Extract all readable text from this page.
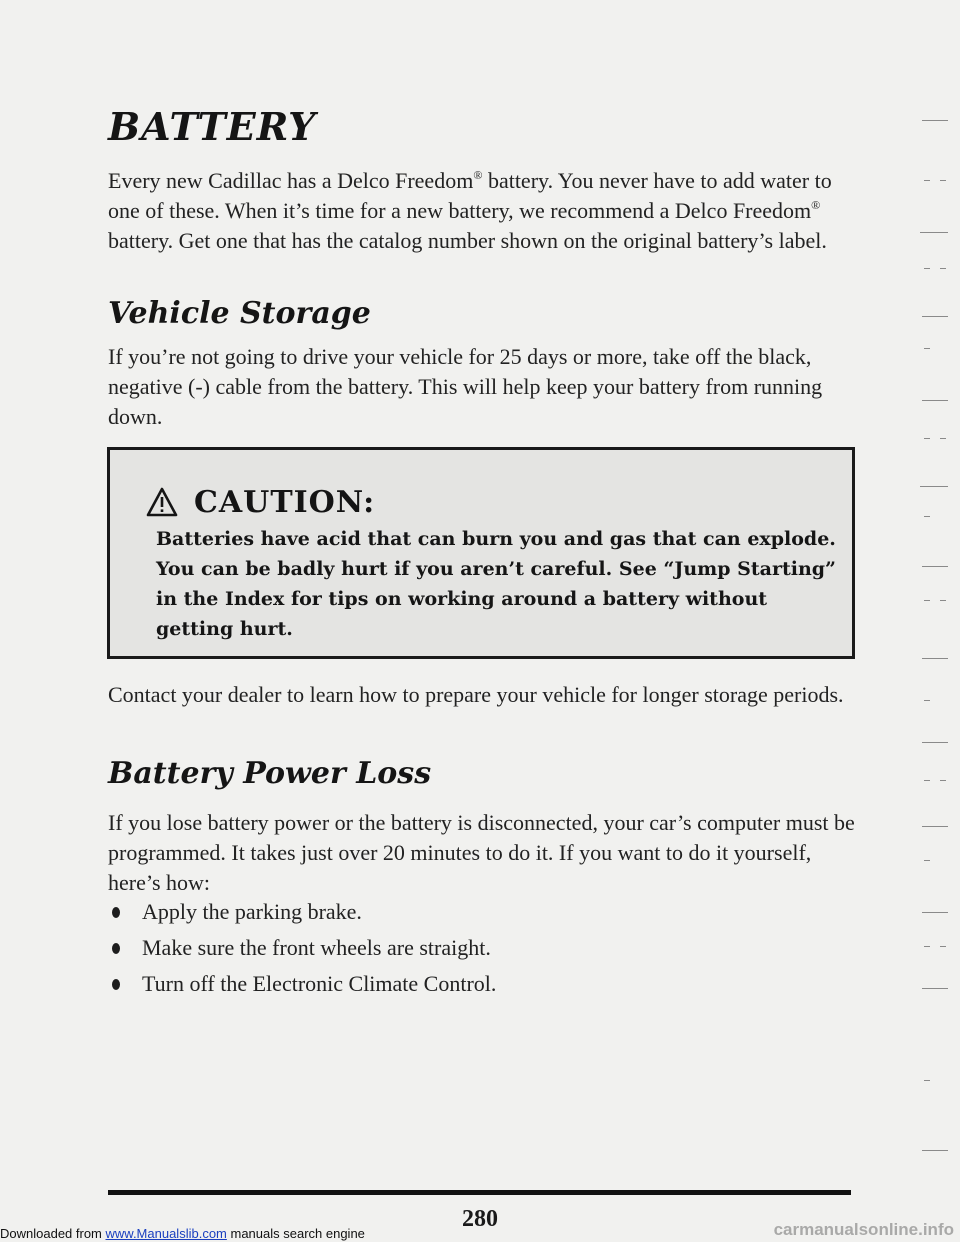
BATTERY

Every new Cadillac has a Delco Freedom® battery. You never have to add water to one of these. When it’s time for a new battery, we recommend a Delco Freedom® battery. Get one that has the catalog number shown on the original battery’s label.

Vehicle Storage

If you’re not going to drive your vehicle for 25 days or more, take off the black, negative (-) cable from the battery. This will help keep your battery from running down.

CAUTION:

Batteries have acid that can burn you and gas that can explode. You can be badly hurt if you aren’t careful. See “Jump Starting” in the Index for tips on working around a battery without getting hurt.

Contact your dealer to learn how to prepare your vehicle for longer storage periods.

Battery Power Loss

If you lose battery power or the battery is disconnected, your car’s computer must be programmed. It takes just over 20 minutes to do it. If you want to do it yourself, here’s how:

Apply the parking brake.
Make sure the front wheels are straight.
Turn off the Electronic Climate Control.
280
Downloaded from www.Manualslib.com manuals search engine	carmanualsonline.info
